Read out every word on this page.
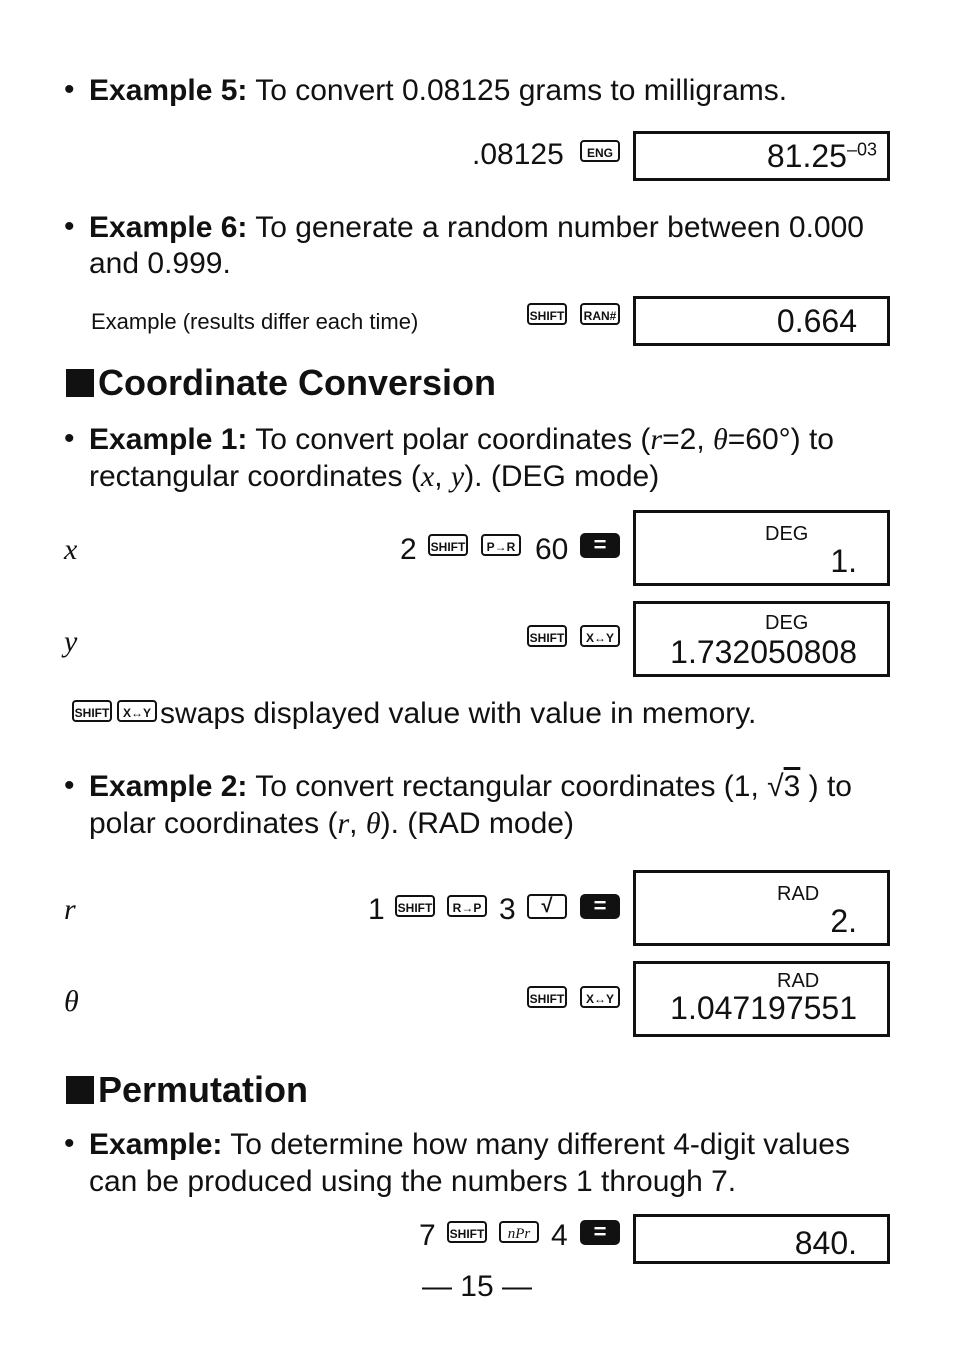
• Example 5: To convert 0.08125 grams to milligrams.
.08125	ENG	$81.25^{-03}$
• Example 6: To generate a random number between 0.000
and 0.999.
Example (results differ each time)	SHIFT	RAN#	0.664
Coordinate Conversion
• Example 1: To convert polar coordinates (r=2, θ=60°) to
rectangular coordinates (x, y). (DEG mode)
x	2 SHIFT	P→R 60	=	DEG
1.
y	SHIFT	X↔Y
DEG
1.732050808
SHIFT	X↔Y swaps displayed value with value in memory.
• Example 2: To convert rectangular coordinates (1, √3 ) to
polar coordinates (r, θ). (RAD mode)
r	1 SHIFT	R→P 3	√	=	RAD
2.
θ	SHIFT	X↔Y
RAD
1.047197551
Permutation
• Example: To determine how many different 4-digit values
can be produced using the numbers 1 through 7.
7 SHIFT	nPr 4	=	840.
— 15 —
